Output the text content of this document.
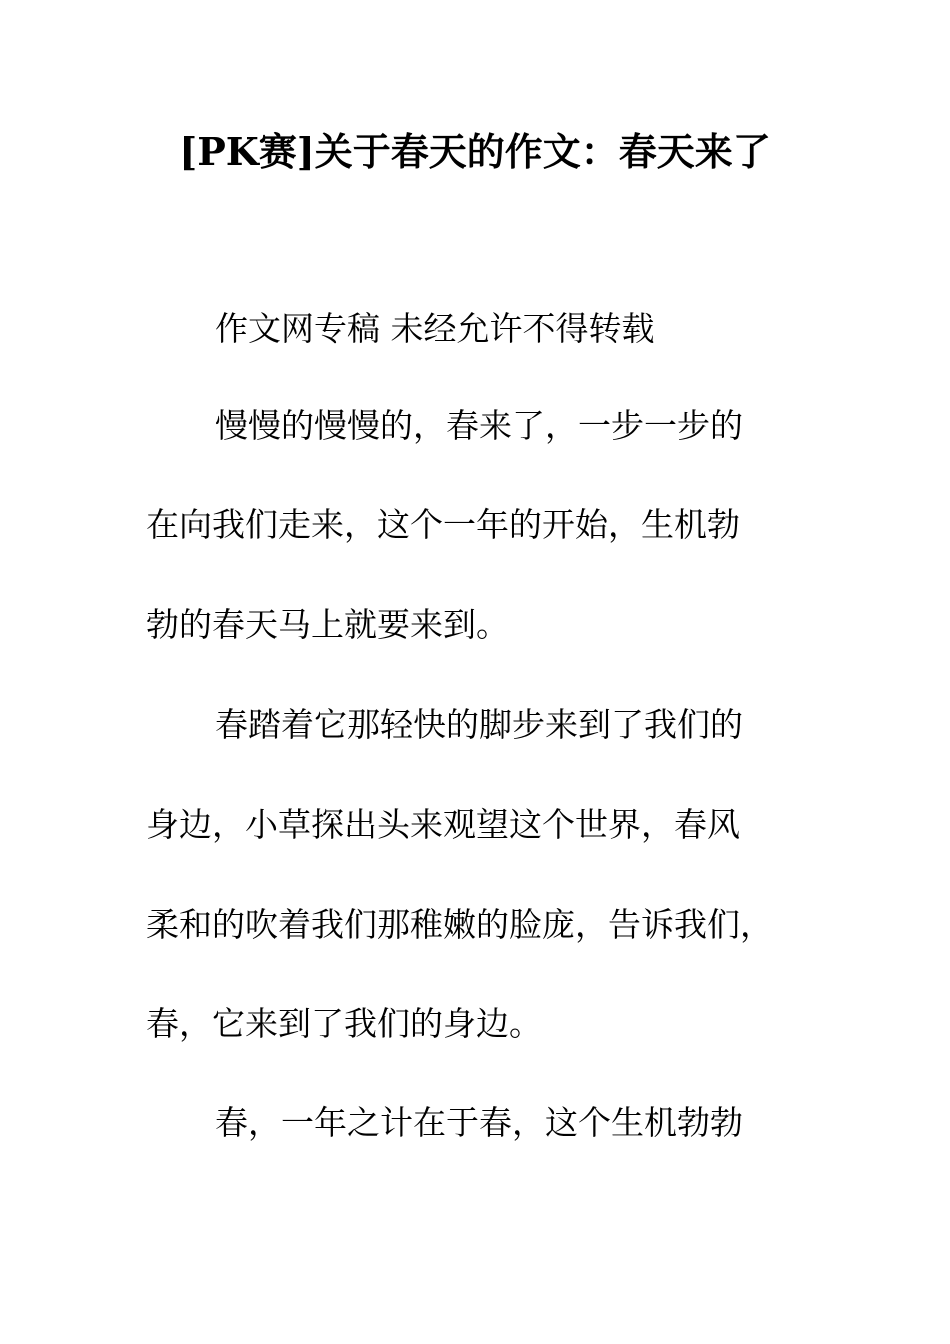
[PK赛]关于春天的作文：春天来了
作文网专稿 未经允许不得转载
慢慢的慢慢的，春来了，一步一步的
在向我们走来，这个一年的开始，生机勃
勃的春天马上就要来到。
春踏着它那轻快的脚步来到了我们的
身边，小草探出头来观望这个世界，春风
柔和的吹着我们那稚嫩的脸庞，告诉我们，
春，它来到了我们的身边。
春，一年之计在于春，这个生机勃勃
